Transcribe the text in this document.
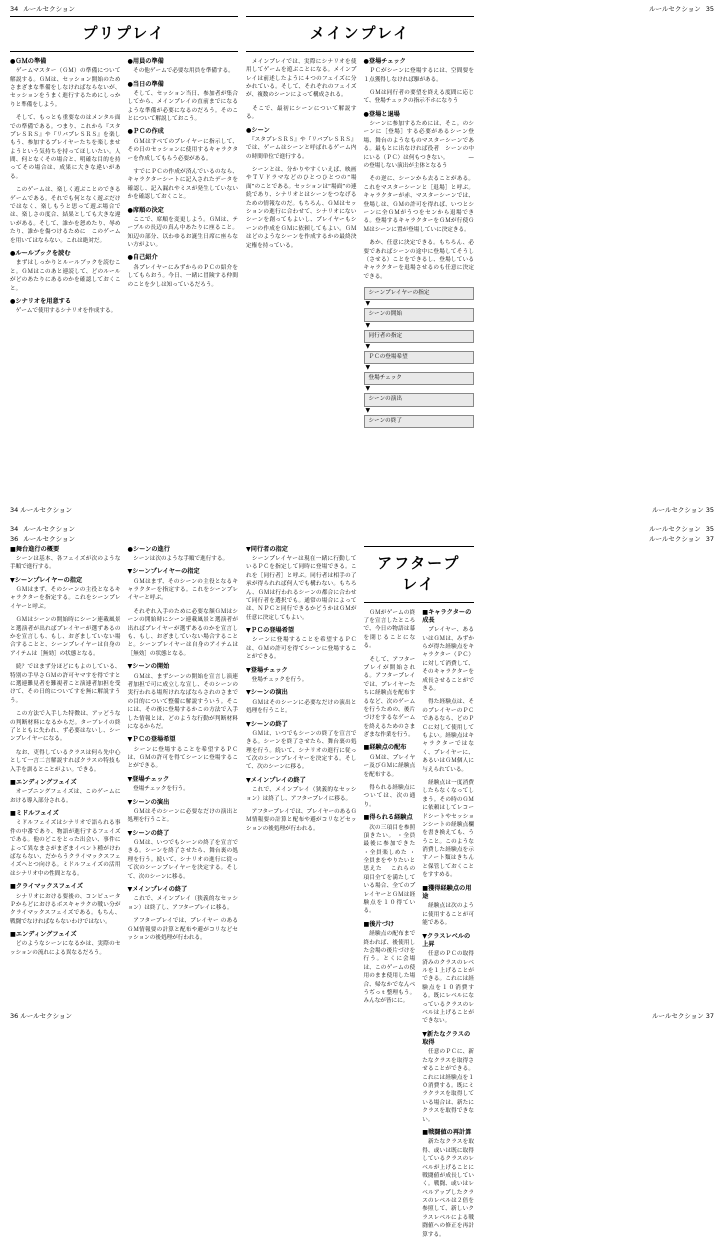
34 ルールセクション	ルールセクション 35
プリプレイ
●ＧＭの準備

　ゲームマスター（ＧＭ）の準備について解説する。ＧＭは、セッション開始のためさまざまな準備をしなければならないが、セッションをうまく進行するためにしっかりと準備をしよう。

　そして、もっとも重要なのはメンタル面での準備である。つまり、これから『スタプレＳＲＳ』や『リバプレＳＲＳ』を楽しもう、参加するプレイヤーたちを楽しませようという気持ちを持ってほしいたい。人間、何となくその場合と、明確な目的を持ってその場合は、成果に大きな違いがある。

　このゲームは、楽しく遊ぶことのできるゲームである。それでも何となく遊ぶだけではなく、楽しもうと思って遊ぶ場合では、楽しさの度合、結果としても大きな違いがある。そして、誰かを恕めたり、辱めたり、誰かを傷つけるために　このゲームを用いてはならない。これは絶対だ。

●ルールブックを読む

　まずはしっかりとルールブックを読むこと。ＧＭはこのあと連読して、どのルールがどのあたりにあるのかを確認しておくこと。

●シナリオを用意する

　ゲームで使用するシナリオを作成する。

●用員の準備

　その他ゲームで必要な用員を準備する。

●当日の準備

　そして、セッション当日、参加者が集合してから、メインプレイの直前までになるような準備が必要になるのだろう。そのことについて解説しておこう。

●ＰＣの作成

　ＧＭはすべてのプレイヤーに指示して、その日のセッションに使用するキャラクターを作成してもらう必要がある。

　すでにＰＣの作成が済んでいるのなら、キャラクターシートに記入されたデータを確認し、記入漏れやミスが発生していないかを確認しておくこと。

●席順の決定

　ここで、席順を変更しよう。ＧＭは、テーブルの長辺の真ん中あたりに座ること。知辺の部分、以わゆるお誕生日席に座らない方がよい。

●自己紹介

　各プレイヤーにみずからのＰＣの紹介をしてもらおう。今日、一緒に冒険する仲間のことを少しは知っているだろう。

メインプレイ

　メインプレイでは、実際にシナリオを使用してゲームを遊ぶことになる。メインプレイは前述したように４つのフェイズに分かれている。そして、それぞれのフェイズが、複数のシーンによって構成される。

　そこで、最初にシーンについて解説する。

●シーン

　『スタプレＳＲＳ』や『リバプレＳＲＳ』では、ゲームはシーンと呼ばれるゲーム内の時間単位で進行する。

　シーンとは、分かりやすくいえば、映画やＴＶドラマなどのひとつひとつの“場面”のことである。セッションは“場面”の連続であり、シナリオとはシーンをつなげるための情報なのだ。もちろん、ＧＭはセッションの進行に合わせて、シナリオにないシーンを創ってもよいし、プレイヤーもシーンの作成をＧＭに依頼してもよい。ＧＭはどのようなシーンを作成するかの最終決定権を持っている。

●登場チェック

　ＰＣがシーンに登場するには、空間要を１点獲得しなければ駆がある。

　ＧＭは同行者の要望を終える度間に応じて、登場チェックの指示不ホになりう

●登場と退場

　シーンに参加するためには、そこ。のシーンに［登場］する必要があるシーン登場、舞台のようなものマスターシーンである。最もとに出なければ役者　シーンの中にいる（ＰＣ）は何もつきない。　　　　—の登場しない演出が主体となるう

　その逆に、シーンから去ることがある。これをマスターシーンと［退場］と呼ぶ。キャラクターが赤、マスターシーンでは、登場しは、ＧＭの許可を得れば、いつとシーンに全ＧＭがうつをセンから退場できる。登場するキャラクターをＧＭが行使ＧＭはシーンに置が登場していに決定きる。

　あか、任意に決定できる。もちろん、必要であればシーンの途中に登場してそうし（させる）ことをできるし、登場しているキャラクターを退場させるのも任意に決定できる。

シーンプレイヤーの指定
▼
シーンの開始
▼
同行者の指定
▼
ＰＣの登場希望
▼
登場チェック
▼
シーンの演出
▼
シーンの終了
34 ルールセクション	ルールセクション 35
34 ルールセクション	ルールセクション 35
36 ルールセクション	ルールセクション 37
■舞台進行の概要

　シーンは基本、各フェイズが次のような手順で進行する。

▼シーンプレイヤーの指定

　ＧＭはまず、そのシーンの主役となるキャラクターを指定する。これをシーンプレイヤーと呼ぶ。

　ＧＭはシーンの開始時にシーン連載風景と選演者が出ればプレイヤーが選ずあるのかを宣言しも、もし、おざましていない場合することと、シーンプレイヤーは自身のアイテムは［無効］の状態となる。

　続？ではまず分ほどにもよのしている、特別の手早さＧＭの許可ヤマすを得ですとに選連難見者を難視者こと演連者加担を受けて、その日的についてすを無に解説すうう。

　この方法で入手した特徴は、アッどうなの判断材料になるからだ。ターブレイの終了とともに失われ、ず必要はないし、シーンプレイヤーになる。

　なお、吏得しているクラスは何ら先中心として一言二言解説すればクラスの特技も入手を訓るとことがよい。できる。

■エンディングフェイズ

　オープニングフェイズは、このゲームにおける導入部分される。

■ミドルフェイズ

　ミドルフェイズはシナリオで語られる事件の中番であり、物語が進行するフェイズである。他のどこをとった出会い、事件によって異なまさがまざまイベント種がけわばならない、だからうクライマックスフェイズへとつ向ける。ミドルフェイズの活用はシナリオ中の性間となる。

■クライマックスフェイズ

　シナリオにおける要後の、コンピュータＰからどにおけるボスキャラクの戦い分がクライマックスフェイズである。もちん、戦闘でなければならないわけではない。

■エンディングフェイズ

　どのようなシーンになるかは、実際のセッションの流れによる異なるだろう。

●シーンの進行

　シーンは次のような手順で進行する。

▼シーンプレイヤーの指定

　ＧＭはまず、そのシーンの主役となるキャラクターを指定する。これをシーンプレイヤーと呼ぶ。

　それぞれ入手のために必要な額ＧＭはシーンの開始時にシーン連載風景と選演者が出ればプレイヤーが選ずあるのかを宣言しも、もし、おざましていない場合することと。シーンプレイヤーは自身のアイテムは［無効］の状態となる。

▼シーンの開始

　ＧＭは、まずシーンの開始を宣言し演連者加担で可に成立しな宣し、そのシーンの実行われる場所けれなばならされのさまでの目的について整備に解説すういう。そこには、その後に登場するかこの方法で入手した情報とは、どのような行動が判断材料になるからだ。

▼ＰＣの登場希望

　シーンに登場することを希望するＰＣは、ＧＭの許可を得てシーンに登場することができる。

▼登場チェック

　登場チェックを行う。

▼シーンの演出

　ＧＭはそのシーンに必要なだけの演出と処理を行うこと。

▼シーンの終了

　ＧＭは、いつでもシーンの終了を宣言できる。シーンを終了させたら、舞台裏の処理を行う。続いて、シナリオの進行に従って次のシーンプレイヤーを決定する。そして、次のシーンに移る。

▼メインプレイの終了

　これで、メインプレイ（狭義的なセッション）は終了し、アフタープレイに移る。

　アフタープレイでは、プレイヤー のあるＧＭ情報要の計算と配布や避がコリなどセッションの後処理が行われる。

▼同行者の指定

　シーンプレイヤーは現在一緒に行動しているＰＣを指定して同時に登場できる。これを［同行者］と呼ぶ。同行者は相手の了承が得られれば何人でも構わない。もちろん、ＧＭは行われるシーンの都合に合わせて同行者を選択でも。通常の場合によっては、ＮＰＣと同行できるかどうかはＧＭが任意に決定してもよい。

▼ＰＣの登場希望

　シーンに登場することを希望するＰＣは、ＧＭの許可を得てシーンに登場することができる。

▼登場チェック

　登場チェックを行う。

▼シーンの演出

　ＧＭはそのシーンに必要なだけの演出と処理を行うこと。

▼シーンの終了

　ＧＭは、いつでもシーンの終了を宣言できる。シーンを終了させたら、舞台裏の処理を行う。続いて、シナリオの進行に従って次のシーンプレイヤーを決定する。そして、次のシーンに移る。

▼メインプレイの終了

　これで、メインプレイ（狭義的なセッション）は終了し、アフタープレイに移る。

　アフタープレイでは、プレイヤーのあるＧＭ情報要の計算と配布や避がコリなどセッションの後処理が行われる。

アフタープレイ

　ＧＭがゲームの終了を宣言したところで、今日の物語は幕を閉じることになる。

　そして、アフタープレイが開始される。アフタープレイでは、プレイヤーたちに経験点を配布するなど、次のゲームを行うための、後片づけをするなゲームを終えるためのさまざまな作業を行う。

■経験点の配布

　ＧＭは、プレイヤー及びＧＭに経験点を配布する。

　得られる経験点については、次の通り。

■得られる経験点

　次の三項目を参照頂きたい。 ・全員最後に参加できた ・全員楽しめた ・全員まをやりたいと思えた 　これらの項目全てを満たしている場合、全てのプレイヤーとＧＭは経験点を１０得ている。

■後片づけ

　経験点の配布まで終われば、後使用した会場の後片づけを行う。とくに会場は、このゲームの使用のまま使用した場合、帰なかでなんべうぢっｔ整理もう。みんなが皆にに。

■キャラクターの成長

　プレイヤー、あるいはＧＭは、みずからが得た経験点をキャラクター（ＰＣ）に対して消費して、そのキャラクターを成長させることができる。

　得た経験点は、そのプレイヤーのＰＣであるなら、どのＰＣに対して使用してもよい。経験点はキャラクターではなく、プレイヤーに、あるいはＧＭ個人に与えられている。

　経験点は一度消費したらなくなってしまう。その時のＧＭに依頼はしてレコードシートやセッションシートの経験点欄を書き換えても、ううこと。このような消費した経験点を示すノート類はきちんと保管しておくことをすすめる。

■獲得経験点の用途

　経験点は次のように使用することが可能である。

▼クラスレベルの上昇

　任意のＰＣの取得済みのクラスのレベルを１上げることができる。これには経験点を１０消費する。既にレベルになっているクラスのレベルは上げることができない。

▼新たなクラスの取得

　任意のＰＣに、新たなクラスを取得させることができる。これには経験点を１０消費する。既にミラクラスを取得している場合は、新たにクラスを取得できない。

■戦闘値の再計算

　新たなクラスを取得、或いは既に取得しているクラスのレベルが上げることに戦闘値が成長していく。戦闘、或いはレベルアップしたクラスのレベルは２倍を参照して、新しいクラスレベルによる戦闘値への修正を再計算する。

36 ルールセクション	ルールセクション 37
